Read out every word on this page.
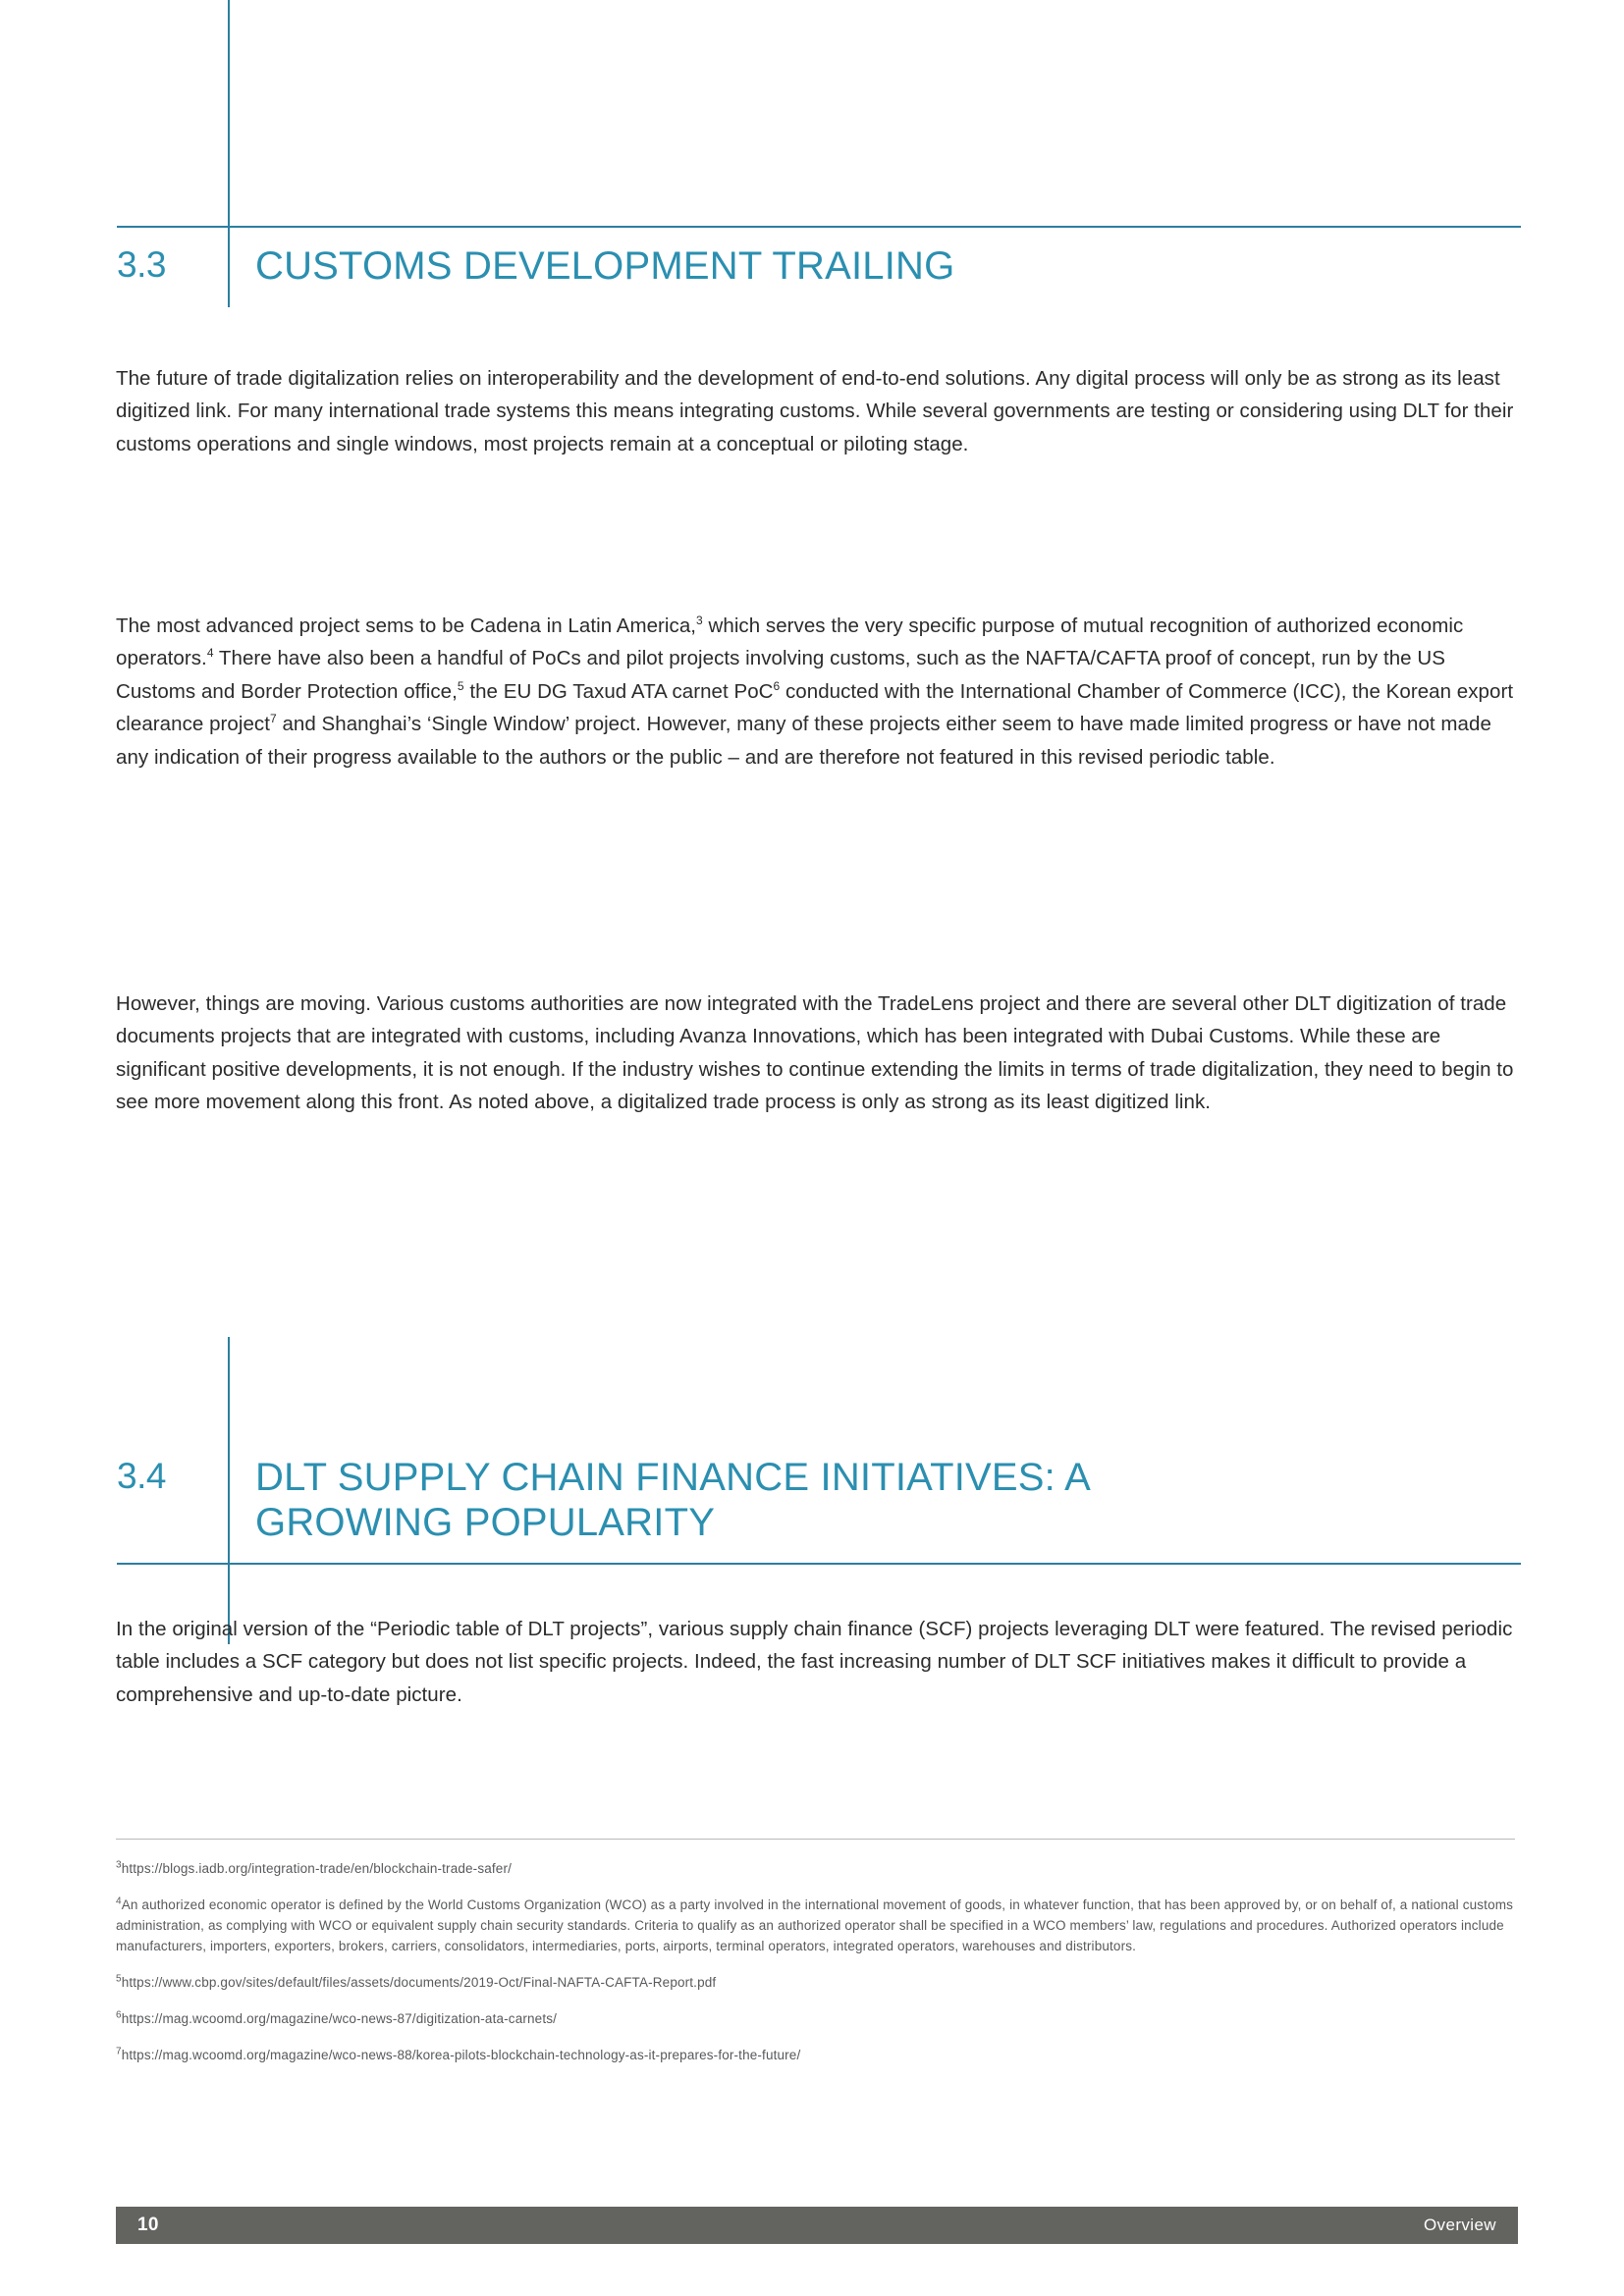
3.3	CUSTOMS DEVELOPMENT TRAILING

The future of trade digitalization relies on interoperability and the development of end-to-end solutions. Any digital process will only be as strong as its least digitized link. For many international trade systems this means integrating customs. While several governments are testing or considering using DLT for their customs operations and single windows, most projects remain at a conceptual or piloting stage.

The most advanced project sems to be Cadena in Latin America,$^3$ which serves the very specific purpose of mutual recognition of authorized economic operators.$^4$ There have also been a handful of PoCs and pilot projects involving customs, such as the NAFTA/CAFTA proof of concept, run by the US Customs and Border Protection office,$^5$ the EU DG Taxud ATA carnet PoC$^6$ conducted with the International Chamber of Commerce (ICC), the Korean export clearance project$^7$ and Shanghai’s ‘Single Window’ project. However, many of these projects either seem to have made limited progress or have not made any indication of their progress available to the authors or the public – and are therefore not featured in this revised periodic table.

However, things are moving. Various customs authorities are now integrated with the TradeLens project and there are several other DLT digitization of trade documents projects that are integrated with customs, including Avanza Innovations, which has been integrated with Dubai Customs. While these are significant positive developments, it is not enough. If the industry wishes to continue extending the limits in terms of trade digitalization, they need to begin to see more movement along this front. As noted above, a digitalized trade process is only as strong as its least digitized link.

3.4	DLT SUPPLY CHAIN FINANCE INITIATIVES: A
GROWING POPULARITY

In the original version of the “Periodic table of DLT projects”, various supply chain finance (SCF) projects leveraging DLT were featured. The revised periodic table includes a SCF category but does not list specific projects. Indeed, the fast increasing number of DLT SCF initiatives makes it difficult to provide a comprehensive and up-to-date picture.

$^3$https://blogs.iadb.org/integration-trade/en/blockchain-trade-safer/
$^4$An authorized economic operator is defined by the World Customs Organization (WCO) as a party involved in the international movement of goods, in whatever function, that has been approved by, or on behalf of, a national customs administration, as complying with WCO or equivalent supply chain security standards. Criteria to qualify as an authorized operator shall be specified in a WCO members’ law, regulations and procedures. Authorized operators include manufacturers, importers, exporters, brokers, carriers, consolidators, intermediaries, ports, airports, terminal operators, integrated operators, warehouses and distributors.
$^5$https://www.cbp.gov/sites/default/files/assets/documents/2019-Oct/Final-NAFTA-CAFTA-Report.pdf
$^6$https://mag.wcoomd.org/magazine/wco-news-87/digitization-ata-carnets/
$^7$https://mag.wcoomd.org/magazine/wco-news-88/korea-pilots-blockchain-technology-as-it-prepares-for-the-future/
10	Overview
